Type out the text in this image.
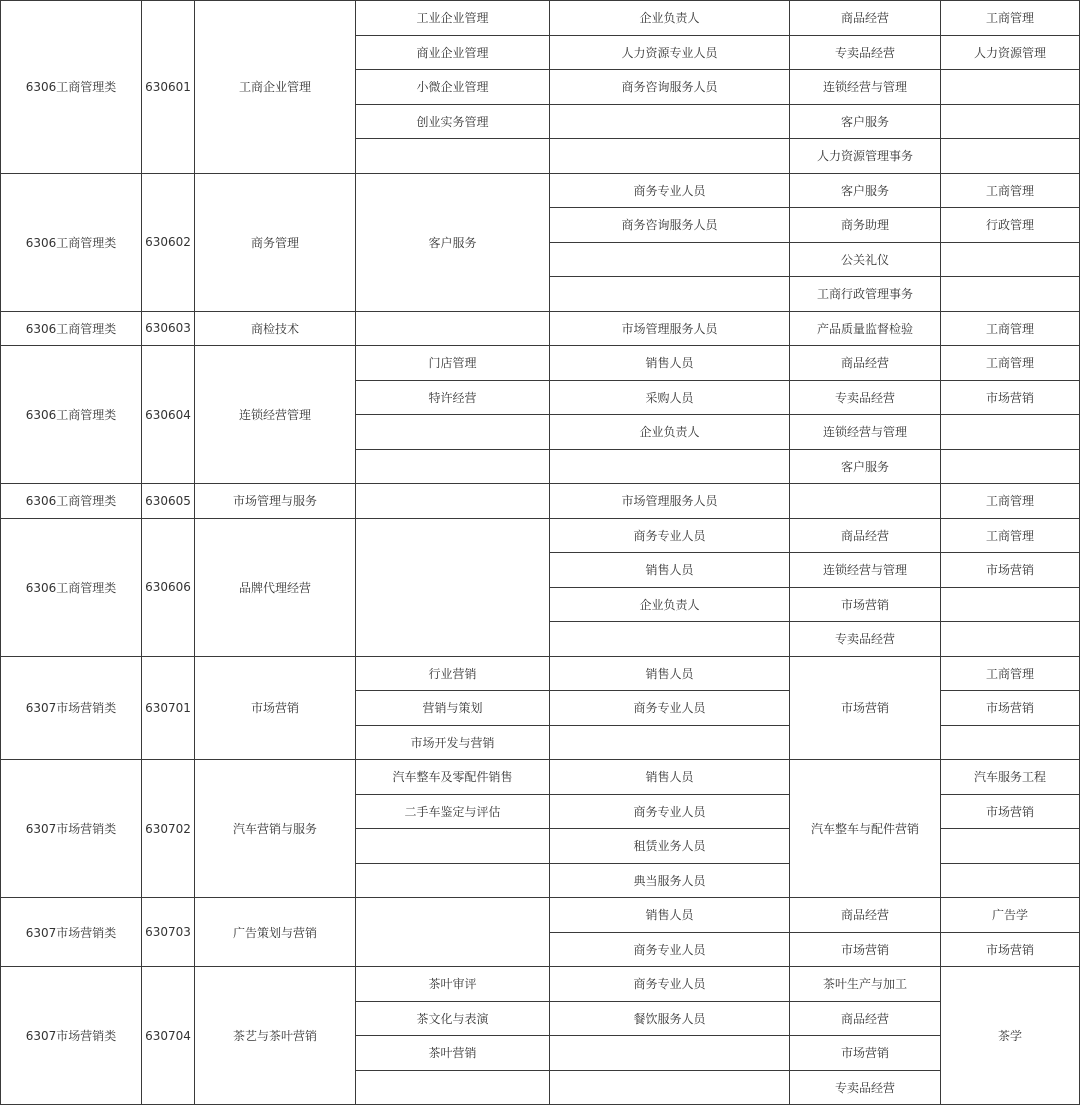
6306工商管理类	630601	工商企业管理	工业企业管理	企业负责人	商品经营	工商管理
			商业企业管理	人力资源专业人员	专卖品经营	人力资源管理
			小微企业管理	商务咨询服务人员	连锁经营与管理	
			创业实务管理		客户服务	
					人力资源管理事务	
6306工商管理类	630602	商务管理	客户服务	商务专业人员	客户服务	工商管理
				商务咨询服务人员	商务助理	行政管理
					公关礼仪	
					工商行政管理事务	
6306工商管理类	630603	商检技术		市场管理服务人员	产品质量监督检验	工商管理
6306工商管理类	630604	连锁经营管理	门店管理	销售人员	商品经营	工商管理
			特许经营	采购人员	专卖品经营	市场营销
				企业负责人	连锁经营与管理	
					客户服务	
6306工商管理类	630605	市场管理与服务		市场管理服务人员		工商管理
6306工商管理类	630606	品牌代理经营		商务专业人员	商品经营	工商管理
				销售人员	连锁经营与管理	市场营销
				企业负责人	市场营销	
					专卖品经营	
6307市场营销类	630701	市场营销	行业营销	销售人员	市场营销	工商管理
			营销与策划	商务专业人员		市场营销
			市场开发与营销			
6307市场营销类	630702	汽车营销与服务	汽车整车及零配件销售	销售人员	汽车整车与配件营销	汽车服务工程
			二手车鉴定与评估	商务专业人员		市场营销
				租赁业务人员		
				典当服务人员		
6307市场营销类	630703	广告策划与营销		销售人员	商品经营	广告学
				商务专业人员	市场营销	市场营销
6307市场营销类	630704	茶艺与茶叶营销	茶叶审评	商务专业人员	茶叶生产与加工	茶学
			茶文化与表演	餐饮服务人员	商品经营	
			茶叶营销		市场营销	
					专卖品经营	
